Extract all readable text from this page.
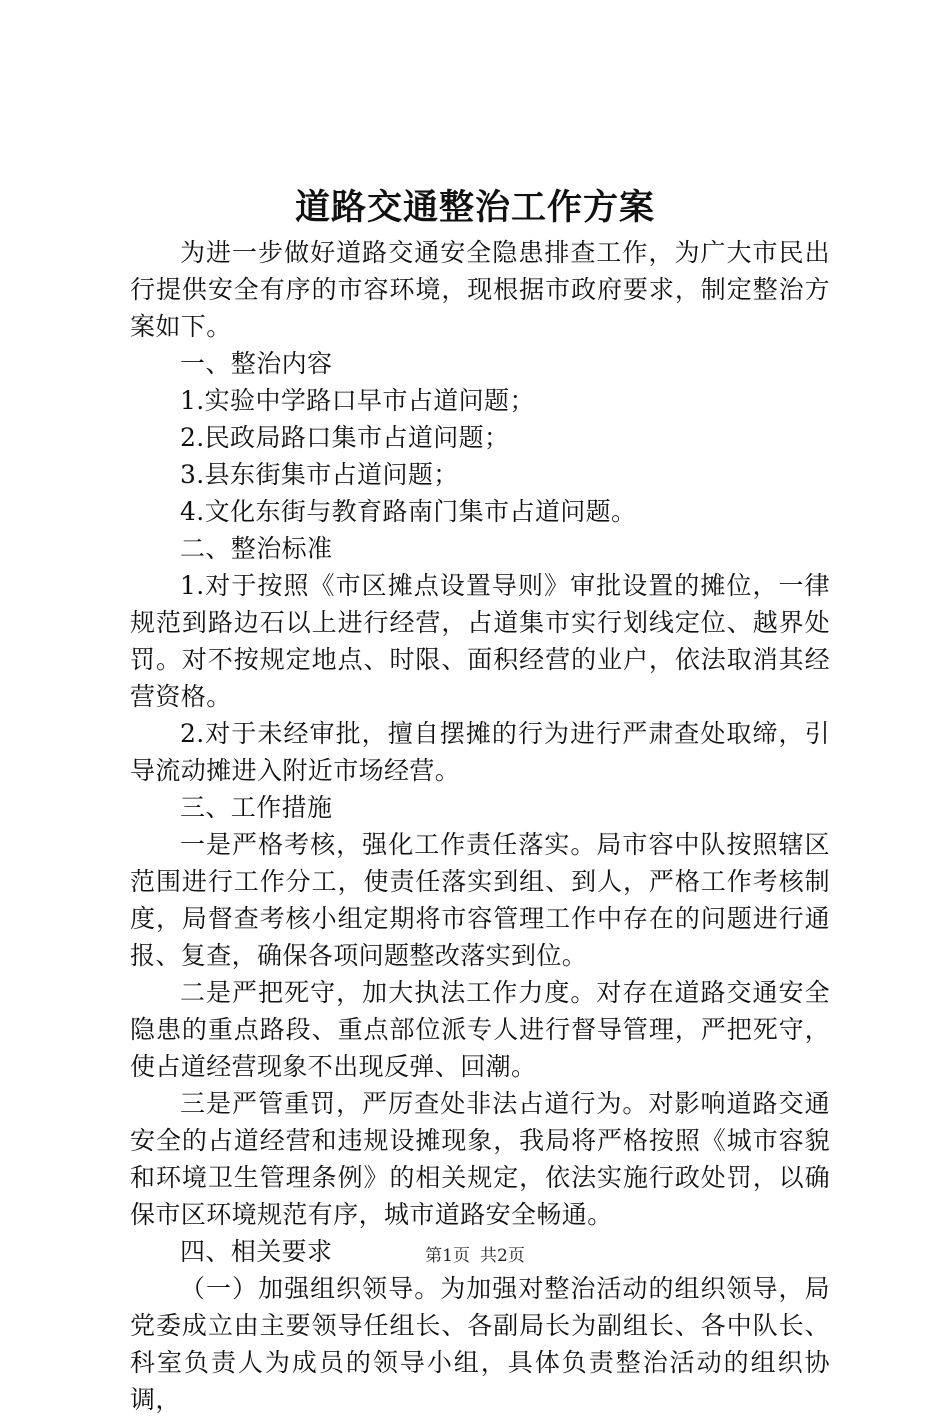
道路交通整治工作方案

为进一步做好道路交通安全隐患排查工作，为广大市民出行提供安全有序的市容环境，现根据市政府要求，制定整治方案如下。

一、整治内容

1.实验中学路口早市占道问题；

2.民政局路口集市占道问题；

3.县东街集市占道问题；

4.文化东街与教育路南门集市占道问题。

二、整治标准

1.对于按照《市区摊点设置导则》审批设置的摊位，一律规范到路边石以上进行经营，占道集市实行划线定位、越界处罚。对不按规定地点、时限、面积经营的业户，依法取消其经营资格。

2.对于未经审批，擅自摆摊的行为进行严肃查处取缔，引导流动摊进入附近市场经营。

三、工作措施

一是严格考核，强化工作责任落实。局市容中队按照辖区范围进行工作分工，使责任落实到组、到人，严格工作考核制度，局督查考核小组定期将市容管理工作中存在的问题进行通报、复查，确保各项问题整改落实到位。

二是严把死守，加大执法工作力度。对存在道路交通安全隐患的重点路段、重点部位派专人进行督导管理，严把死守，使占道经营现象不出现反弹、回潮。

三是严管重罚，严厉查处非法占道行为。对影响道路交通安全的占道经营和违规设摊现象，我局将严格按照《城市容貌和环境卫生管理条例》的相关规定，依法实施行政处罚，以确保市区环境规范有序，城市道路安全畅通。

四、相关要求

（一）加强组织领导。为加强对整治活动的组织领导，局党委成立由主要领导任组长、各副局长为副组长、各中队长、科室负责人为成员的领导小组，具体负责整治活动的组织协调，

第1页 共2页
